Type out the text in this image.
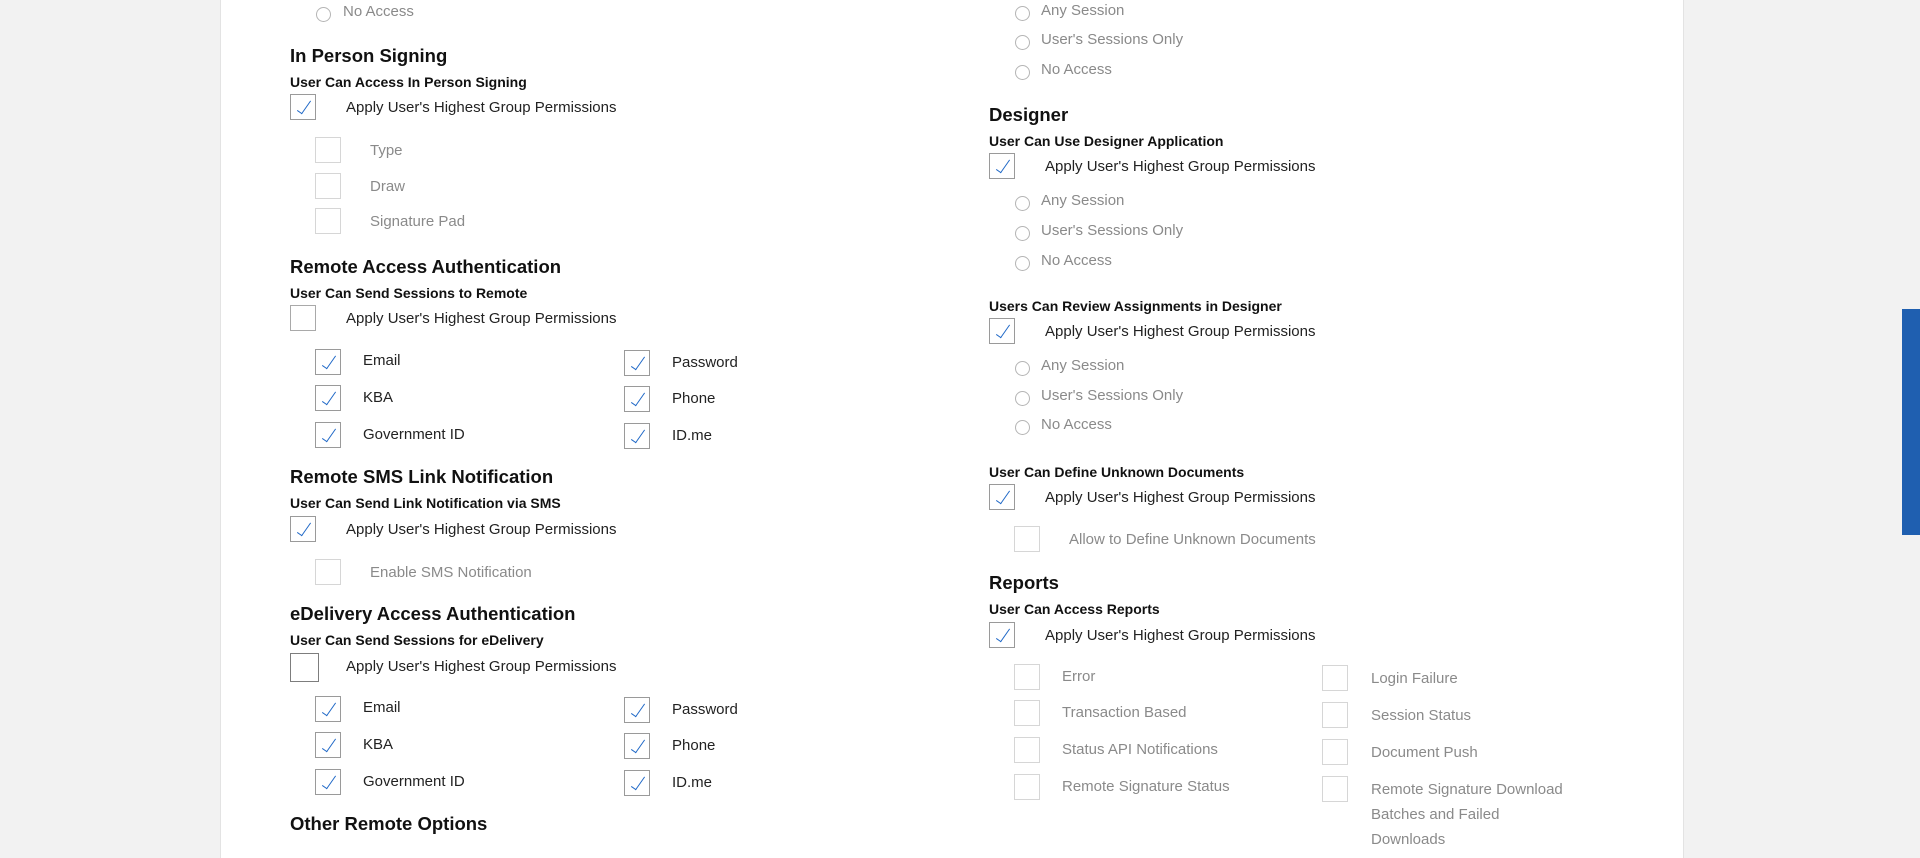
No Access
In Person Signing
User Can Access In Person Signing
Apply User's Highest Group Permissions
Type
Draw
Signature Pad
Remote Access Authentication
User Can Send Sessions to Remote
Apply User's Highest Group Permissions
Email
KBA
Government ID
Password
Phone
ID.me
Remote SMS Link Notification
User Can Send Link Notification via SMS
Apply User's Highest Group Permissions
Enable SMS Notification
eDelivery Access Authentication
User Can Send Sessions for eDelivery
Apply User's Highest Group Permissions
Email
KBA
Government ID
Password
Phone
ID.me
Other Remote Options
Any Session
User's Sessions Only
No Access
Designer
User Can Use Designer Application
Apply User's Highest Group Permissions
Any Session
User's Sessions Only
No Access
Users Can Review Assignments in Designer
Apply User's Highest Group Permissions
Any Session
User's Sessions Only
No Access
User Can Define Unknown Documents
Apply User's Highest Group Permissions
Allow to Define Unknown Documents
Reports
User Can Access Reports
Apply User's Highest Group Permissions
Error
Transaction Based
Status API Notifications
Remote Signature Status
Login Failure
Session Status
Document Push
Remote Signature Download
Batches and Failed
Downloads
